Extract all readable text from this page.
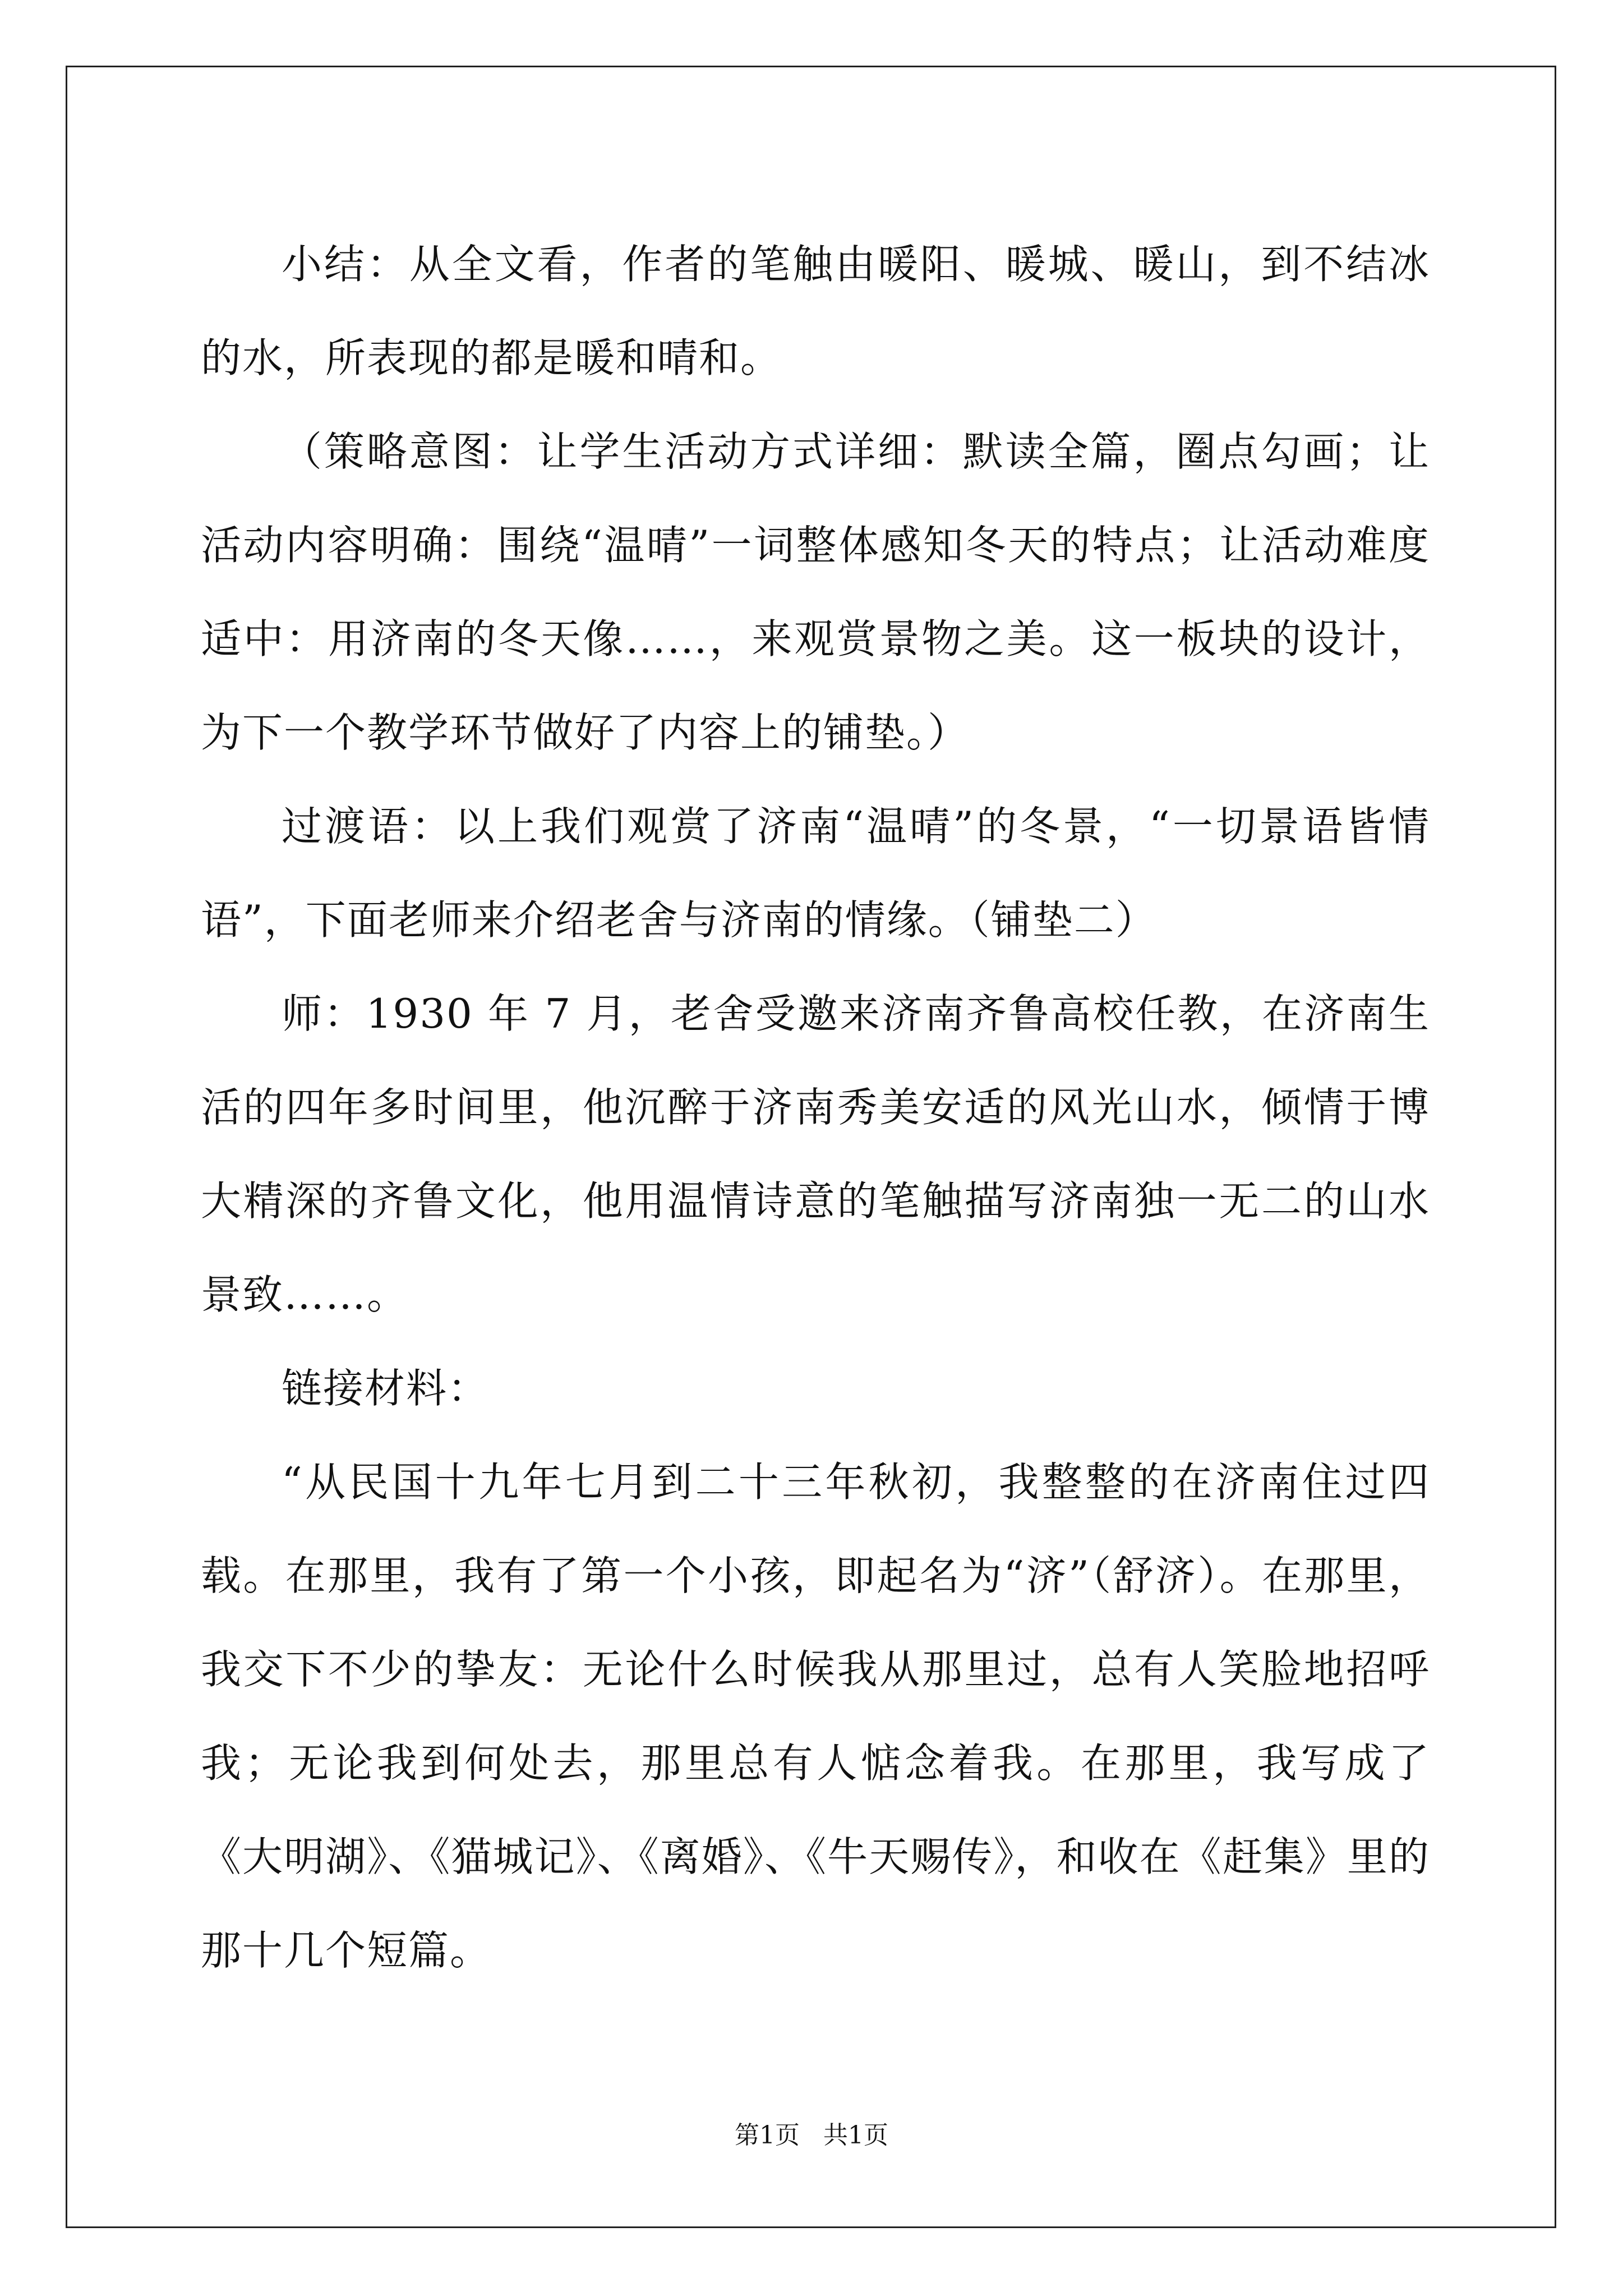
小结：从全文看，作者的笔触由暖阳、暖城、暖山，到不结冰的水，所表现的都是暖和晴和。

（策略意图：让学生活动方式详细：默读全篇，圈点勾画；让活动内容明确：围绕“温晴”一词整体感知冬天的特点；让活动难度适中：用济南的冬天像……，来观赏景物之美。这一板块的设计，为下一个教学环节做好了内容上的铺垫。）

过渡语：以上我们观赏了济南“温晴”的冬景，“一切景语皆情语”，下面老师来介绍老舍与济南的情缘。（铺垫二）

师：1930 年 7 月，老舍受邀来济南齐鲁高校任教，在济南生活的四年多时间里，他沉醉于济南秀美安适的风光山水，倾情于博大精深的齐鲁文化，他用温情诗意的笔触描写济南独一无二的山水景致……。

链接材料：

“从民国十九年七月到二十三年秋初，我整整的在济南住过四载。在那里，我有了第一个小孩，即起名为“济”（舒济）。在那里，我交下不少的挚友：无论什么时候我从那里过，总有人笑脸地招呼我；无论我到何处去，那里总有人惦念着我。在那里，我写成了《大明湖》、《猫城记》、《离婚》、《牛天赐传》，和收在《赶集》里的那十几个短篇。

第1页 共1页
